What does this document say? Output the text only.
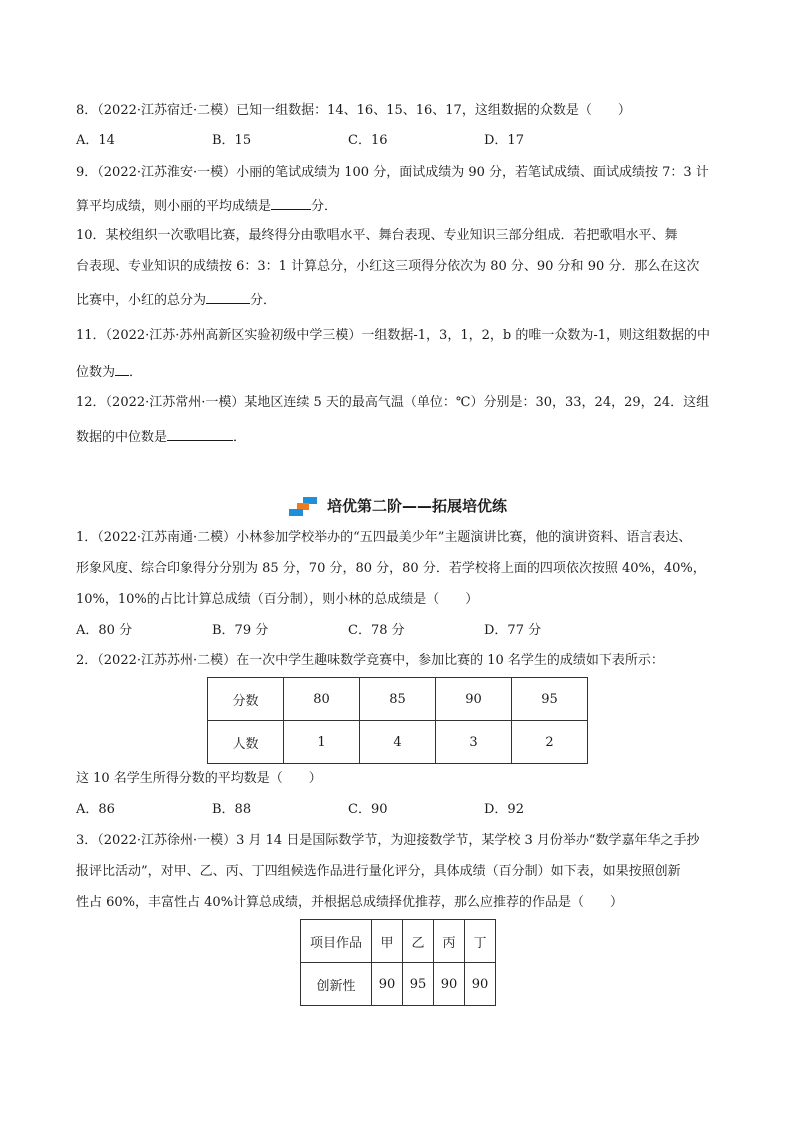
8．（2022·江苏宿迁·二模）已知一组数据：14、16、15、16、17，这组数据的众数是（　　）
A．14	B．15	C．16	D．17
9．（2022·江苏淮安·一模）小丽的笔试成绩为 100 分，面试成绩为 90 分，若笔试成绩、面试成绩按 7：3 计
算平均成绩，则小丽的平均成绩是	分．
10．某校组织一次歌唱比赛，最终得分由歌唱水平、舞台表现、专业知识三部分组成．若把歌唱水平、舞
台表现、专业知识的成绩按 6：3：1 计算总分，小红这三项得分依次为 80 分、90 分和 90 分．那么在这次
比赛中，小红的总分为	分．
11．（2022·江苏·苏州高新区实验初级中学三模）一组数据-1，3，1，2，b 的唯一众数为-1，则这组数据的中
位数为 ．
12．（2022·江苏常州·一模）某地区连续 5 天的最高气温（单位：℃）分别是：30，33，24，29，24．这组
数据的中位数是	．
培优第二阶——拓展培优练
1．（2022·江苏南通·二模）小林参加学校举办的“五四最美少年”主题演讲比赛，他的演讲资料、语言表达、
形象风度、综合印象得分分别为 85 分，70 分，80 分，80 分．若学校将上面的四项依次按照 40%，40%，
10%，10%的占比计算总成绩（百分制），则小林的总成绩是（　　）
A．80 分	B．79 分	C．78 分	D．77 分
2．（2022·江苏苏州·二模）在一次中学生趣味数学竞赛中，参加比赛的 10 名学生的成绩如下表所示：
分数	80	85	90	95
人数	1	4	3	2
这 10 名学生所得分数的平均数是（　　）
A．86	B．88	C．90	D．92
3．（2022·江苏徐州·一模）3 月 14 日是国际数学节，为迎接数学节，某学校 3 月份举办“数学嘉年华之手抄
报评比活动”，对甲、乙、丙、丁四组候选作品进行量化评分，具体成绩（百分制）如下表，如果按照创新
性占 60%，丰富性占 40%计算总成绩，并根据总成绩择优推荐，那么应推荐的作品是（　　）
项目作品	甲	乙	丙	丁
创新性	90	95	90	90
